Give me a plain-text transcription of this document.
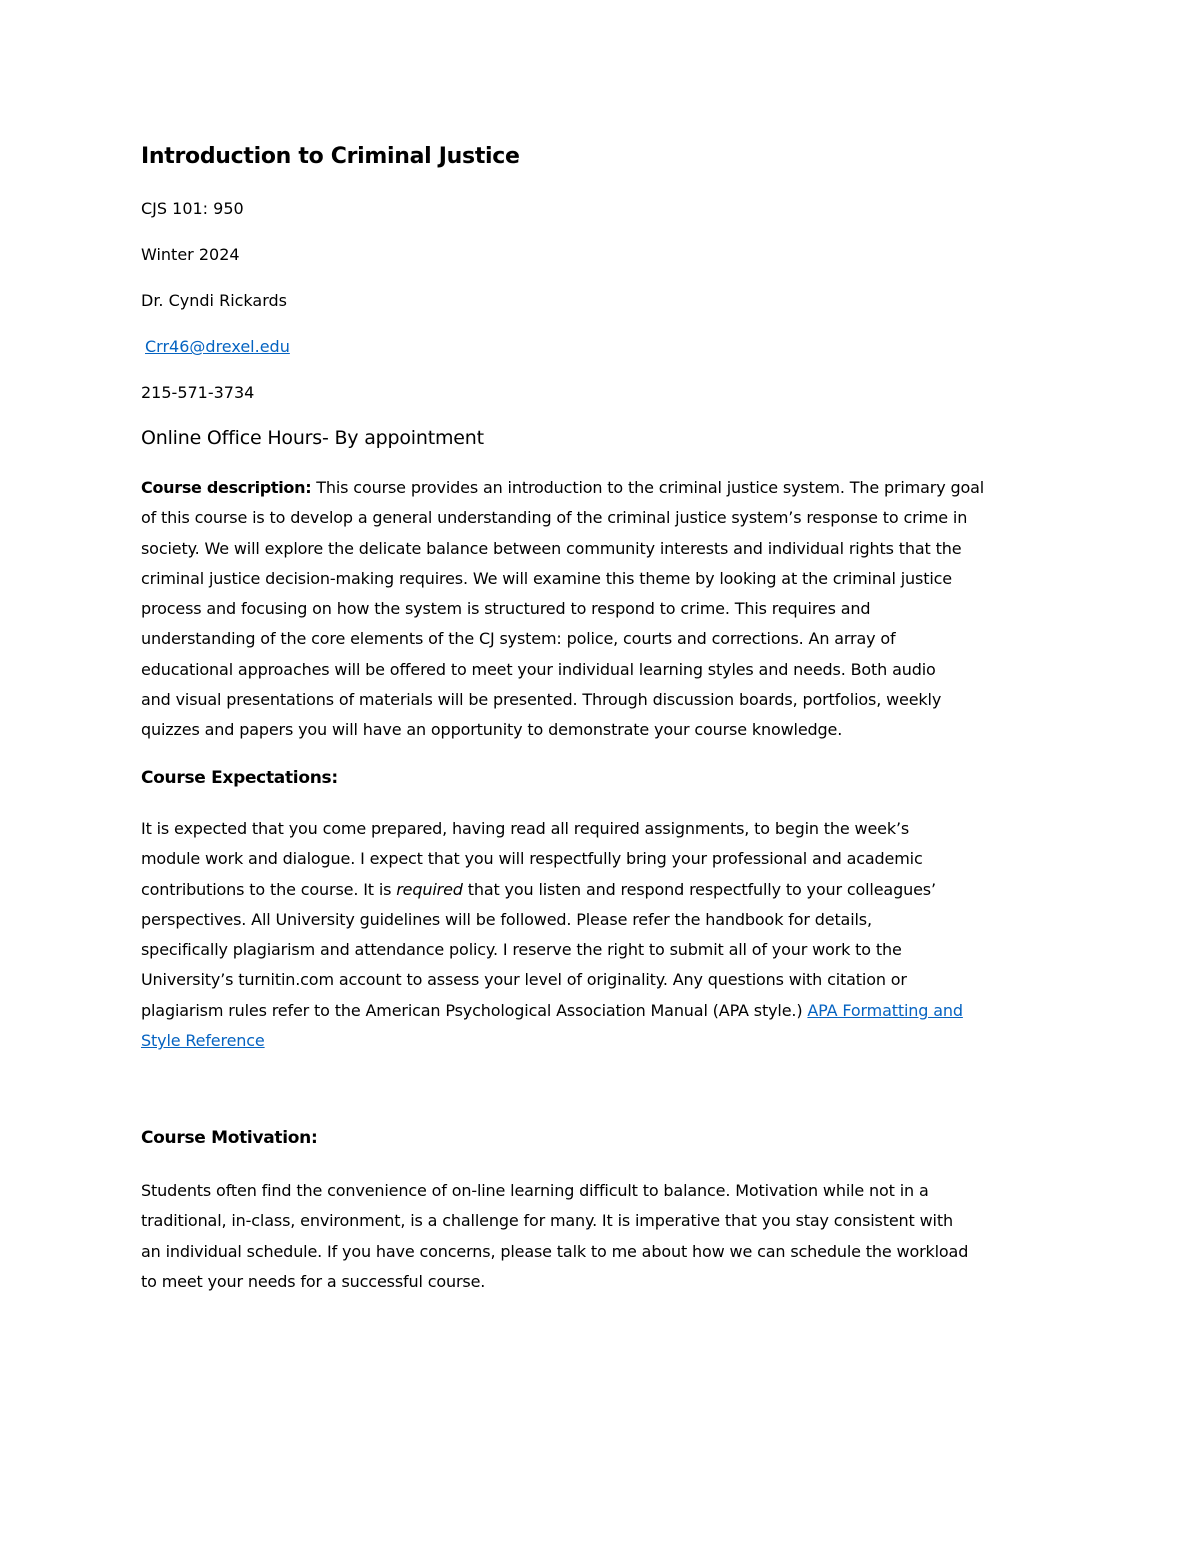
Introduction to Criminal Justice
CJS 101: 950
Winter 2024
Dr. Cyndi Rickards
Crr46@drexel.edu
215-571-3734
Online Office Hours- By appointment
Course description: This course provides an introduction to the criminal justice system. The primary goal
of this course is to develop a general understanding of the criminal justice system’s response to crime in
society. We will explore the delicate balance between community interests and individual rights that the
criminal justice decision-making requires. We will examine this theme by looking at the criminal justice
process and focusing on how the system is structured to respond to crime. This requires and
understanding of the core elements of the CJ system: police, courts and corrections. An array of
educational approaches will be offered to meet your individual learning styles and needs. Both audio
and visual presentations of materials will be presented. Through discussion boards, portfolios, weekly
quizzes and papers you will have an opportunity to demonstrate your course knowledge.
Course Expectations:
It is expected that you come prepared, having read all required assignments, to begin the week’s
module work and dialogue. I expect that you will respectfully bring your professional and academic
contributions to the course. It is required that you listen and respond respectfully to your colleagues’
perspectives. All University guidelines will be followed. Please refer the handbook for details,
specifically plagiarism and attendance policy. I reserve the right to submit all of your work to the
University’s turnitin.com account to assess your level of originality. Any questions with citation or
plagiarism rules refer to the American Psychological Association Manual (APA style.) APA Formatting and
Style Reference
Course Motivation:
Students often find the convenience of on-line learning difficult to balance. Motivation while not in a
traditional, in-class, environment, is a challenge for many. It is imperative that you stay consistent with
an individual schedule. If you have concerns, please talk to me about how we can schedule the workload
to meet your needs for a successful course.
